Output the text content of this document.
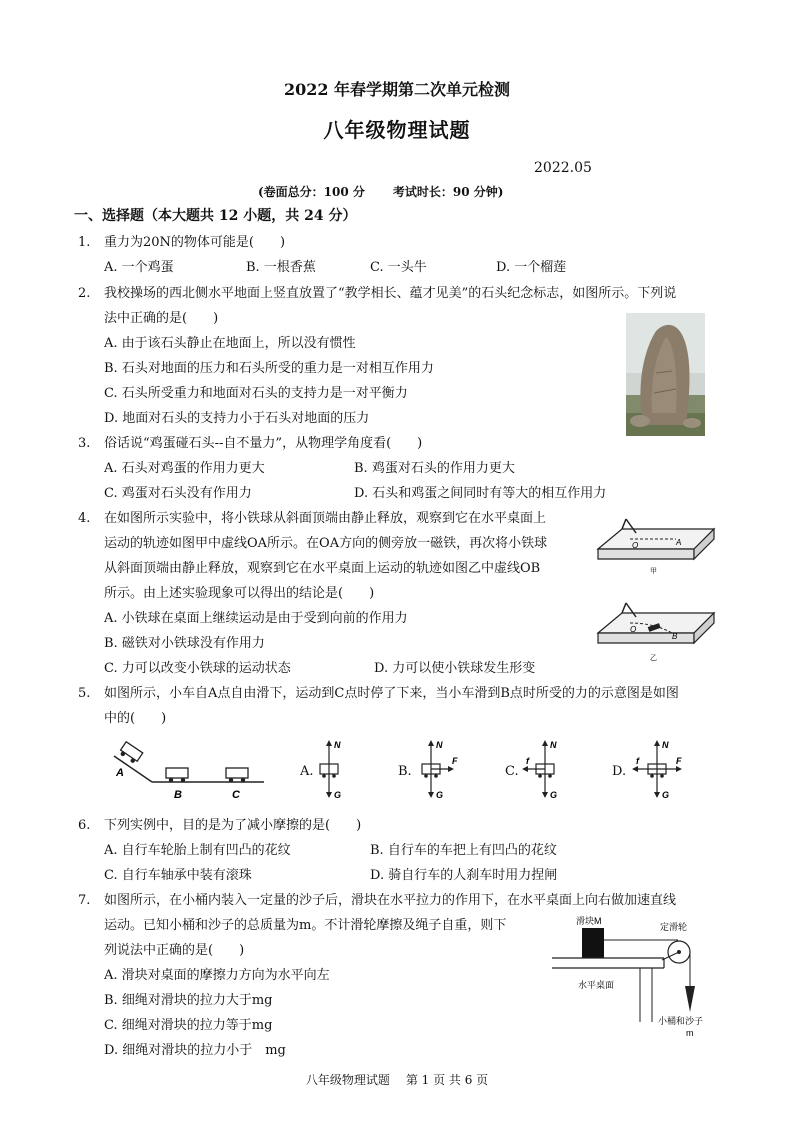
2022 年春学期第二次单元检测
八年级物理试题
2022.05
(卷面总分：100 分 考试时长：90 分钟)
一、选择题（本大题共 12 小题，共 24 分）
1. 重力为20N的物体可能是(　　)
A. 一个鸡蛋	B. 一根香蕉	C. 一头牛	D. 一个榴莲
2. 我校操场的西北侧水平地面上竖直放置了“教学相长、蕴才见美”的石头纪念标志，如图所示。下列说
法中正确的是(　　)
A. 由于该石头静止在地面上，所以没有惯性
B. 石头对地面的压力和石头所受的重力是一对相互作用力
C. 石头所受重力和地面对石头的支持力是一对平衡力
D. 地面对石头的支持力小于石头对地面的压力
3. 俗话说“鸡蛋碰石头--自不量力”，从物理学角度看(　　)
A. 石头对鸡蛋的作用力更大	B. 鸡蛋对石头的作用力更大
C. 鸡蛋对石头没有作用力	D. 石头和鸡蛋之间同时有等大的相互作用力
4. 在如图所示实验中，将小铁球从斜面顶端由静止释放，观察到它在水平桌面上
运动的轨迹如图甲中虚线OA所示。在OA方向的侧旁放一磁铁，再次将小铁球
从斜面顶端由静止释放，观察到它在水平桌面上运动的轨迹如图乙中虚线OB
所示。由上述实验现象可以得出的结论是(　　)
A. 小铁球在桌面上继续运动是由于受到向前的作用力
B. 磁铁对小铁球没有作用力
C. 力可以改变小铁球的运动状态	D. 力可以使小铁球发生形变
O	A
甲
O
B
乙
5. 如图所示，小车自A点自由滑下，运动到C点时停了下来，当小车滑到B点时所受的力的示意图是如图
中的(　　)
A
B	C
A.
N
G
B.
N
G
F
C.
N
G
f
D.
N
G
f	F
6. 下列实例中，目的是为了减小摩擦的是(　　)
A. 自行车轮胎上制有凹凸的花纹	B. 自行车的车把上有凹凸的花纹
C. 自行车轴承中装有滚珠	D. 骑自行车的人刹车时用力捏闸
7. 如图所示，在小桶内装入一定量的沙子后，滑块在水平拉力的作用下，在水平桌面上向右做加速直线
运动。已知小桶和沙子的总质量为m。不计滑轮摩擦及绳子自重，则下
列说法中正确的是(　　)
A. 滑块对桌面的摩擦力方向为水平向左
B. 细绳对滑块的拉力大于mg
C. 细绳对滑块的拉力等于mg
D. 细绳对滑块的拉力小于　mg
滑块M
定滑轮
水平桌面
小桶和沙子
m
八年级物理试题 第 1 页 共 6 页
